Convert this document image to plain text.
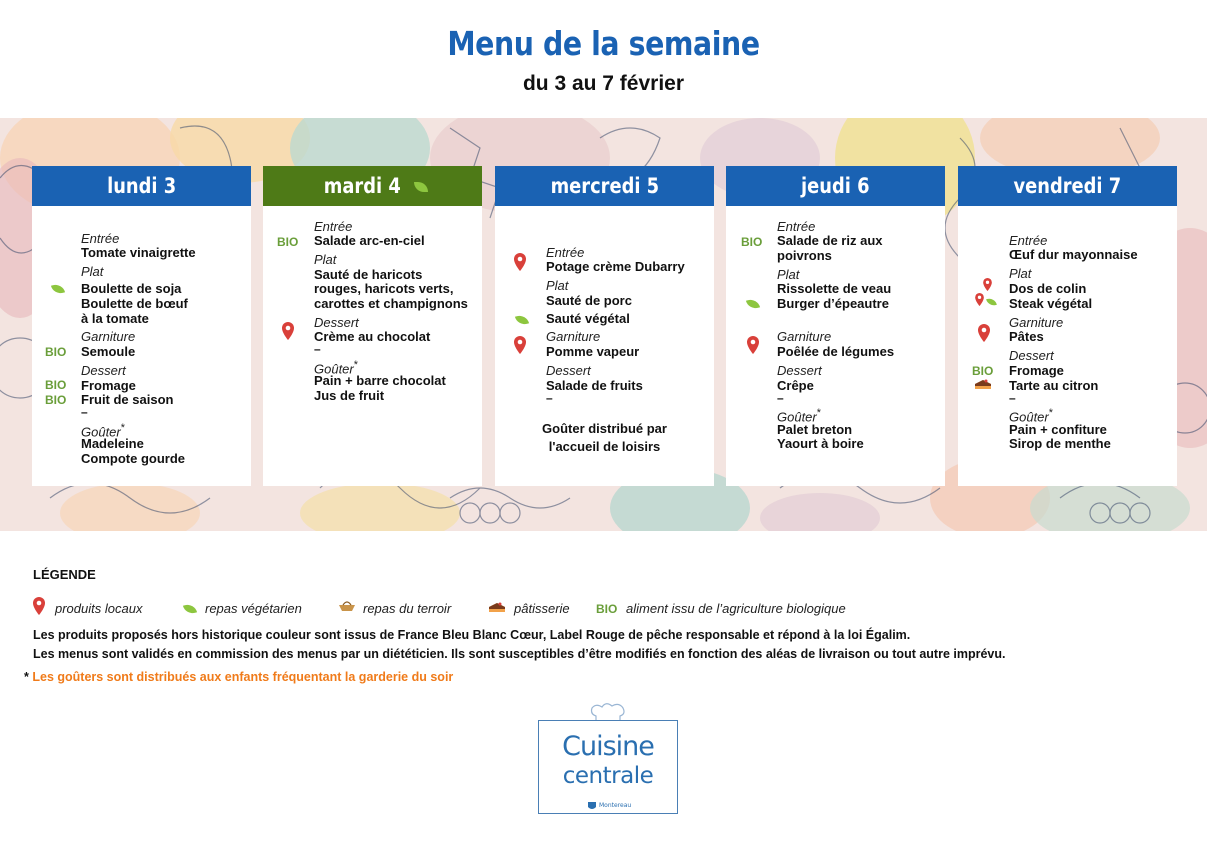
Menu de la semaine
du 3 au 7 février
lundi 3
Entrée
Tomate vinaigrette
Plat
Boulette de soja
Boulette de bœuf
à la tomate
Garniture
BIO Semoule
Dessert
BIO Fromage
BIO Fruit de saison
–
Goûter*
Madeleine
Compote gourde
mardi 4
Entrée
BIO Salade arc-en-ciel
Plat
Sauté de haricots
rouges, haricots verts,
carottes et champignons
Dessert
Crème au chocolat
–
Goûter*
Pain + barre chocolat
Jus de fruit
mercredi 5
Entrée
Potage crème Dubarry
Plat
Sauté de porc
Sauté végétal
Garniture
Pomme vapeur
Dessert
Salade de fruits
–
Goûter distribué par
l'accueil de loisirs
jeudi 6
Entrée
BIO Salade de riz aux
poivrons
Plat
Rissolette de veau
Burger d’épeautre
Garniture
Poêlée de légumes
Dessert
Crêpe
–
Goûter*
Palet breton
Yaourt à boire
vendredi 7
Entrée
Œuf dur mayonnaise
Plat
Dos de colin
Steak végétal
Garniture
Pâtes
Dessert
BIO Fromage
Tarte au citron
–
Goûter*
Pain + confiture
Sirop de menthe
LÉGENDE
produits locaux	repas végétarien	repas du terroir	pâtisserie BIO aliment issu de l’agriculture biologique
Les produits proposés hors historique couleur sont issus de France Bleu Blanc Cœur, Label Rouge de pêche responsable et répond à la loi Égalim.
Les menus sont validés en commission des menus par un diététicien. Ils sont susceptibles d’être modifiés en fonction des aléas de livraison ou tout autre imprévu.
* Les goûters sont distribués aux enfants fréquentant la garderie du soir
Cuisine
centrale
Montereau
